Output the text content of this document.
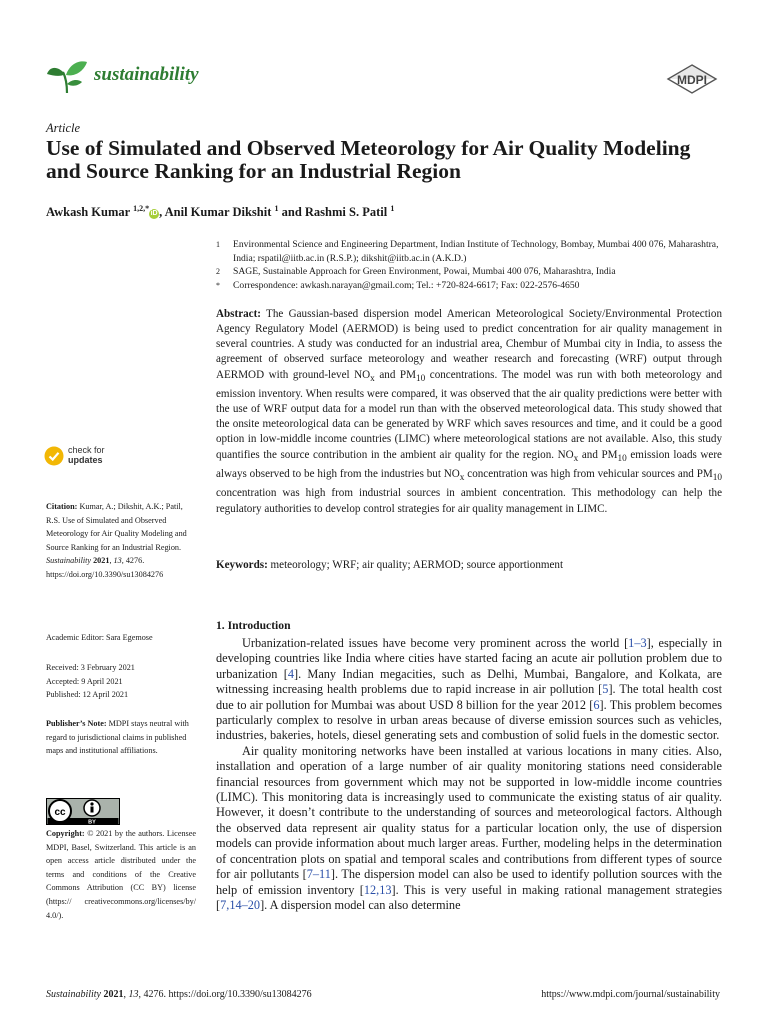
sustainability	MDPI
Article
Use of Simulated and Observed Meteorology for Air Quality Modeling and Source Ranking for an Industrial Region
Awkash Kumar $^{1,2,*}$iD , Anil Kumar Dikshit $^1$ and Rashmi S. Patil $^1$
1 Environmental Science and Engineering Department, Indian Institute of Technology, Bombay, Mumbai 400 076, Maharashtra, India; rspatil@iitb.ac.in (R.S.P.); dikshit@iitb.ac.in (A.K.D.)
2 SAGE, Sustainable Approach for Green Environment, Powai, Mumbai 400 076, Maharashtra, India
* Correspondence: awkash.narayan@gmail.com; Tel.: +720-824-6617; Fax: 022-2576-4650
Abstract: The Gaussian-based dispersion model American Meteorological Society/Environmental Protection Agency Regulatory Model (AERMOD) is being used to predict concentration for air quality management in several countries. A study was conducted for an industrial area, Chembur of Mumbai city in India, to assess the agreement of observed surface meteorology and weather research and forecasting (WRF) output through AERMOD with ground-level $NO_x$ and $PM_{10}$ concentrations. The model was run with both meteorology and emission inventory. When results were compared, it was observed that the air quality predictions were better with the use of WRF output data for a model run than with the observed meteorological data. This study showed that the onsite meteorological data can be generated by WRF which saves resources and time, and it could be a good option in low-middle income countries (LIMC) where meteorological stations are not available. Also, this study quantifies the source contribution in the ambient air quality for the region. $NO_x$ and $PM_{10}$ emission loads were always observed to be high from the industries but $NO_x$ concentration was high from vehicular sources and $PM_{10}$ concentration was high from industrial sources in ambient concentration. This methodology can help the regulatory authorities to develop control strategies for air quality management in LIMC.
Keywords: meteorology; WRF; air quality; AERMOD; source apportionment
1. Introduction

Urbanization-related issues have become very prominent across the world [1–3], especially in developing countries like India where cities have started facing an acute air pollution problem due to urbanization [4]. Many Indian megacities, such as Delhi, Mumbai, Bangalore, and Kolkata, are witnessing increasing health problems due to rapid increase in air pollution [5]. The total health cost due to air pollution for Mumbai was about USD 8 billion for the year 2012 [6]. This problem becomes particularly complex to resolve in urban areas because of diverse emission sources such as vehicles, industries, bakeries, hotels, diesel generating sets and combustion of solid fuels in the domestic sector.

Air quality monitoring networks have been installed at various locations in many cities. Also, installation and operation of a large number of air quality monitoring stations need considerable financial resources from government which may not be supported in low-middle income countries (LIMC). This monitoring data is increasingly used to communicate the existing status of air quality. However, it doesn’t contribute to the understanding of sources and meteorological factors. Although the observed data represent air quality status for a particular location only, the use of dispersion models can provide information about much larger areas. Further, modeling helps in the determination of concentration plots on spatial and temporal scales and contributions from different types of source for air pollutants [7–11]. The dispersion model can also be used to identify pollution sources with the help of emission inventory [12,13]. This is very useful in making rational management strategies [7,14–20]. A dispersion model can also determine

check for
updates
Citation: Kumar, A.; Dikshit, A.K.; Patil, R.S. Use of Simulated and Observed Meteorology for Air Quality Modeling and Source Ranking for an Industrial Region. Sustainability 2021, 13, 4276. https://doi.org/10.3390/su13084276
Academic Editor: Sara Egemose
Received: 3 February 2021
Accepted: 9 April 2021
Published: 12 April 2021
Publisher’s Note: MDPI stays neutral with regard to jurisdictional claims in published maps and institutional affiliations.
cc
BY
Copyright: © 2021 by the authors. Licensee MDPI, Basel, Switzerland. This article is an open access article distributed under the terms and conditions of the Creative Commons Attribution (CC BY) license (https:// creativecommons.org/licenses/by/ 4.0/).
Sustainability 2021, 13, 4276. https://doi.org/10.3390/su13084276	https://www.mdpi.com/journal/sustainability
